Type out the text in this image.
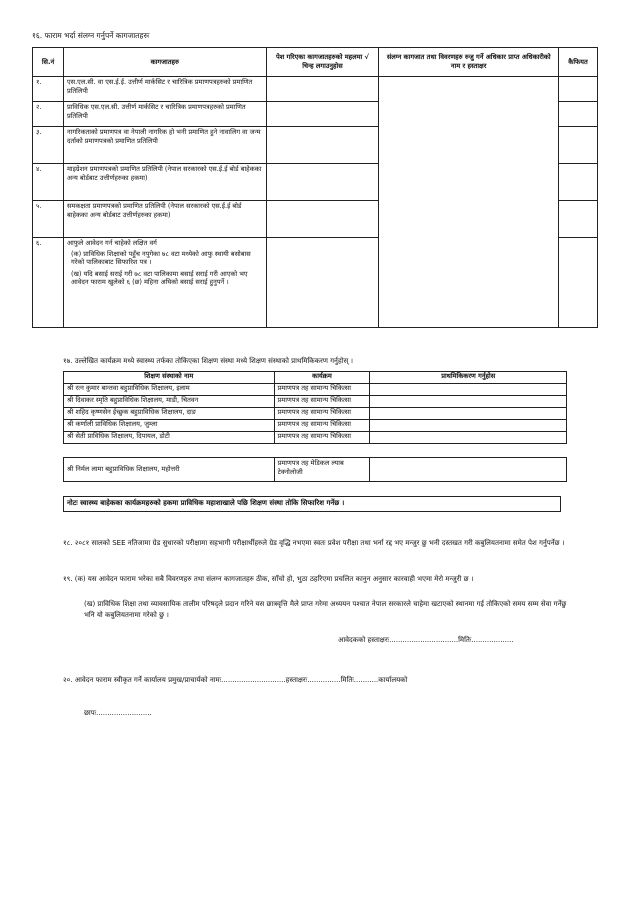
१६. फाराम भर्दा संलग्न गर्नुपर्ने कागजातहरुः
सि.नं	कागजातहरु	पेश गरिएका कागजातहरुको महलमा √ चिन्ह लगाउनुहोस	संलग्न कागजात तथा विवरणहरु रुजु गर्ने अधिकार प्राप्त अधिकारीको नाम र हस्ताक्षर	कैफियत
१.	एस.एल.सी. वा एस.ई.ई. उत्तीर्ण मार्कसिट र चारित्रिक प्रमाणपत्रहरुको प्रमाणित प्रतिलिपी			
२.	प्राविधिक एस.एल.सी. उत्तीर्ण मार्कसिट र चारित्रिक प्रमाणपत्रहरुको प्रमाणित प्रतिलिपी			
३.	नागरिकताको प्रमाणपत्र वा नेपाली नागरिक हो भनी प्रमाणित हुने नावालिग वा जन्म दर्ताको प्रमाणपत्रको प्रमाणित प्रतिलिपी			
४.	माइग्रेशन प्रमाणपत्रको प्रमाणित प्रतिलिपी (नेपाल सरकारको एस.ई.ई बोर्ड बाहेकका अन्य बोर्डबाट उत्तीर्णहरुका हकमा)			
५.	समकक्षता प्रमाणपत्रको प्रमाणित प्रतिलिपी (नेपाल सरकारको एस.ई.ई बोर्ड बाहेकका अन्य बोर्डबाट उत्तीर्णहरुका हकमा)			
६.	आफुले आवेदन गर्न चाहेको लक्षित वर्ग
(क) प्राविधिक शिक्षाको पहुँच नपुगेका ७८ वटा मध्येको आफु स्थायी बसोबास गरेको पालिकाबाट सिफारिश पत्र ।
(ख) यदि बसाई सराई गरी ७८ वटा पालिकामा बसाई सराई गरी आएको भए आवेदन फाराम खुलेको ६ (छ) महिना अघिको बसाई सराई हुनुपर्ने ।			

१७. उल्लेखित कार्यक्रम मध्ये स्वास्थ्य तर्फका तोकिएका शिक्षण संस्था मध्ये शिक्षण संस्थाको प्राथमिकिकरण गर्नुहोस् ।
शिक्षण संस्थाको नाम	कार्यक्रम	प्राथमिकिकरण गर्नुहोस
श्री रत्न कुमार बान्तवा बहुप्राविधिक शिक्षालय, इलाम	प्रमाणपत्र तह सामान्य चिकित्सा	
श्री दिवाकर स्मृति बहुप्राविधिक शिक्षालय, माडी, चितवन	प्रमाणपत्र तह सामान्य चिकित्सा	
श्री शहिद कृष्णसेन ईच्छुक बहुप्राविधिक शिक्षालय, दाङ	प्रमाणपत्र तह सामान्य चिकित्सा	
श्री कर्णाली प्राविधिक शिक्षालय, जुम्ला	प्रमाणपत्र तह सामान्य चिकित्सा	
श्री सेती प्राविधिक शिक्षालय, दिपायल, डोटी	प्रमाणपत्र तह सामान्य चिकित्सा	
श्री निर्मल लामा बहुप्राविधिक शिक्षालय, महोत्तरी	प्रमाणपत्र तह मेडिकल ल्याब टेक्नोलोजी	
नोटः स्वास्थ्य बाहेकका कार्यक्रमहरुको हकमा प्राविधिक महाशाखाले पछि शिक्षण संस्था तोकि सिफारिश गर्नेछ ।
१८. २०८१ सालको SEE नतिजामा ग्रेड सुधारको परीक्षामा सहभागी परीक्षार्थीहरुले ग्रेड वृद्धि नभएमा स्वतः प्रवेश परीक्षा तथा भर्ना रद्द भए मन्जुर छु भनी दस्तखत गरी कबुलियतनामा समेत पेश गर्नुपर्नेछ ।
१९. (क) यस आवेदन फाराम भरेका सबै विवरणहरु तथा संलग्न कागजातहरु ठीक, साँचो हो, भुठा ठहरिएमा प्रचलित कानुन अनुसार कारवाही भएमा मेरो मन्जुरी छ ।
(ख) प्राविधिक शिक्षा तथा व्यावसायिक तालीम परिषद्ले प्रदान गरिने यस छात्रवृत्ति मैले प्राप्त गरेमा अध्ययन पश्चात नेपाल सरकारले चाहेमा खटाएको स्थानमा गई तोकिएको समय सम्म सेवा गर्नेछु भनि यो कबुलियतनामा गरेको छु ।
आवेदकको हस्ताक्षरः...............................मितिः...................
२०. आवेदन फाराम स्वीकृत गर्ने कार्यालय प्रमुख/प्राचार्यको नामः.............................हस्ताक्षरः...............मितिः...........कार्यालयको
छापः.........................
